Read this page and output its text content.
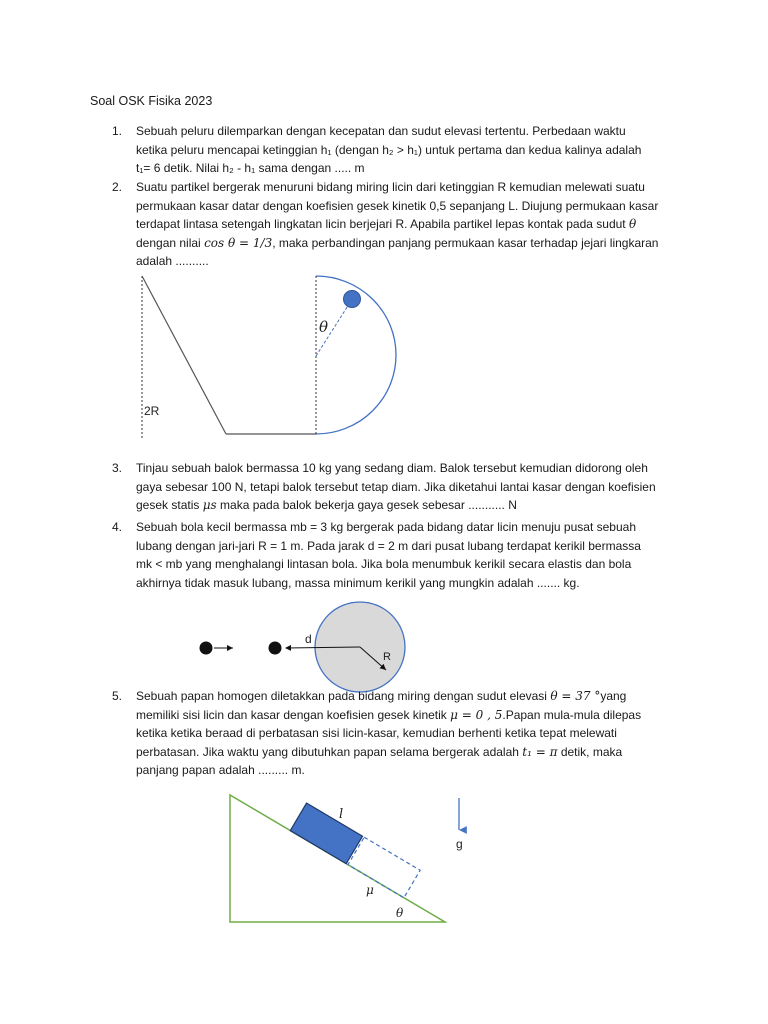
Soal OSK Fisika 2023
1.	Sebuah peluru dilemparkan dengan kecepatan dan sudut elevasi tertentu. Perbedaan waktu
ketika peluru mencapai ketinggian h₁ (dengan h₂ > h₁) untuk pertama dan kedua kalinya adalah
t₁= 6 detik. Nilai h₂ - h₁ sama dengan ..... m
2.	Suatu partikel bergerak menuruni bidang miring licin dari ketinggian R kemudian melewati suatu
permukaan kasar datar dengan koefisien gesek kinetik 0,5 sepanjang L. Diujung permukaan kasar
terdapat lintasa setengah lingkatan licin berjejari R. Apabila partikel lepas kontak pada sudut θ
dengan nilai cos θ = 1/3, maka perbandingan panjang permukaan kasar terhadap jejari lingkaran
adalah ..........
θ
2R
3.	Tinjau sebuah balok bermassa 10 kg yang sedang diam. Balok tersebut kemudian didorong oleh
gaya sebesar 100 N, tetapi balok tersebut tetap diam. Jika diketahui lantai kasar dengan koefisien
gesek statis μs maka pada balok bekerja gaya gesek sebesar ........... N
4.	Sebuah bola kecil bermassa mb = 3 kg bergerak pada bidang datar licin menuju pusat sebuah
lubang dengan jari-jari R = 1 m. Pada jarak d = 2 m dari pusat lubang terdapat kerikil bermassa
mk < mb yang menghalangi lintasan bola. Jika bola menumbuk kerikil secara elastis dan bola
akhirnya tidak masuk lubang, massa minimum kerikil yang mungkin adalah ....... kg.
d
R
5.	Sebuah papan homogen diletakkan pada bidang miring dengan sudut elevasi θ = 37 °yang
memiliki sisi licin dan kasar dengan koefisien gesek kinetik μ = 0 , 5.Papan mula-mula dilepas
ketika ketika beraad di perbatasan sisi licin-kasar, kemudian berhenti ketika tepat melewati
perbatasan. Jika waktu yang dibutuhkan papan selama bergerak adalah t₁ = π detik, maka
panjang papan adalah ......... m.
g
l
μ
θ
